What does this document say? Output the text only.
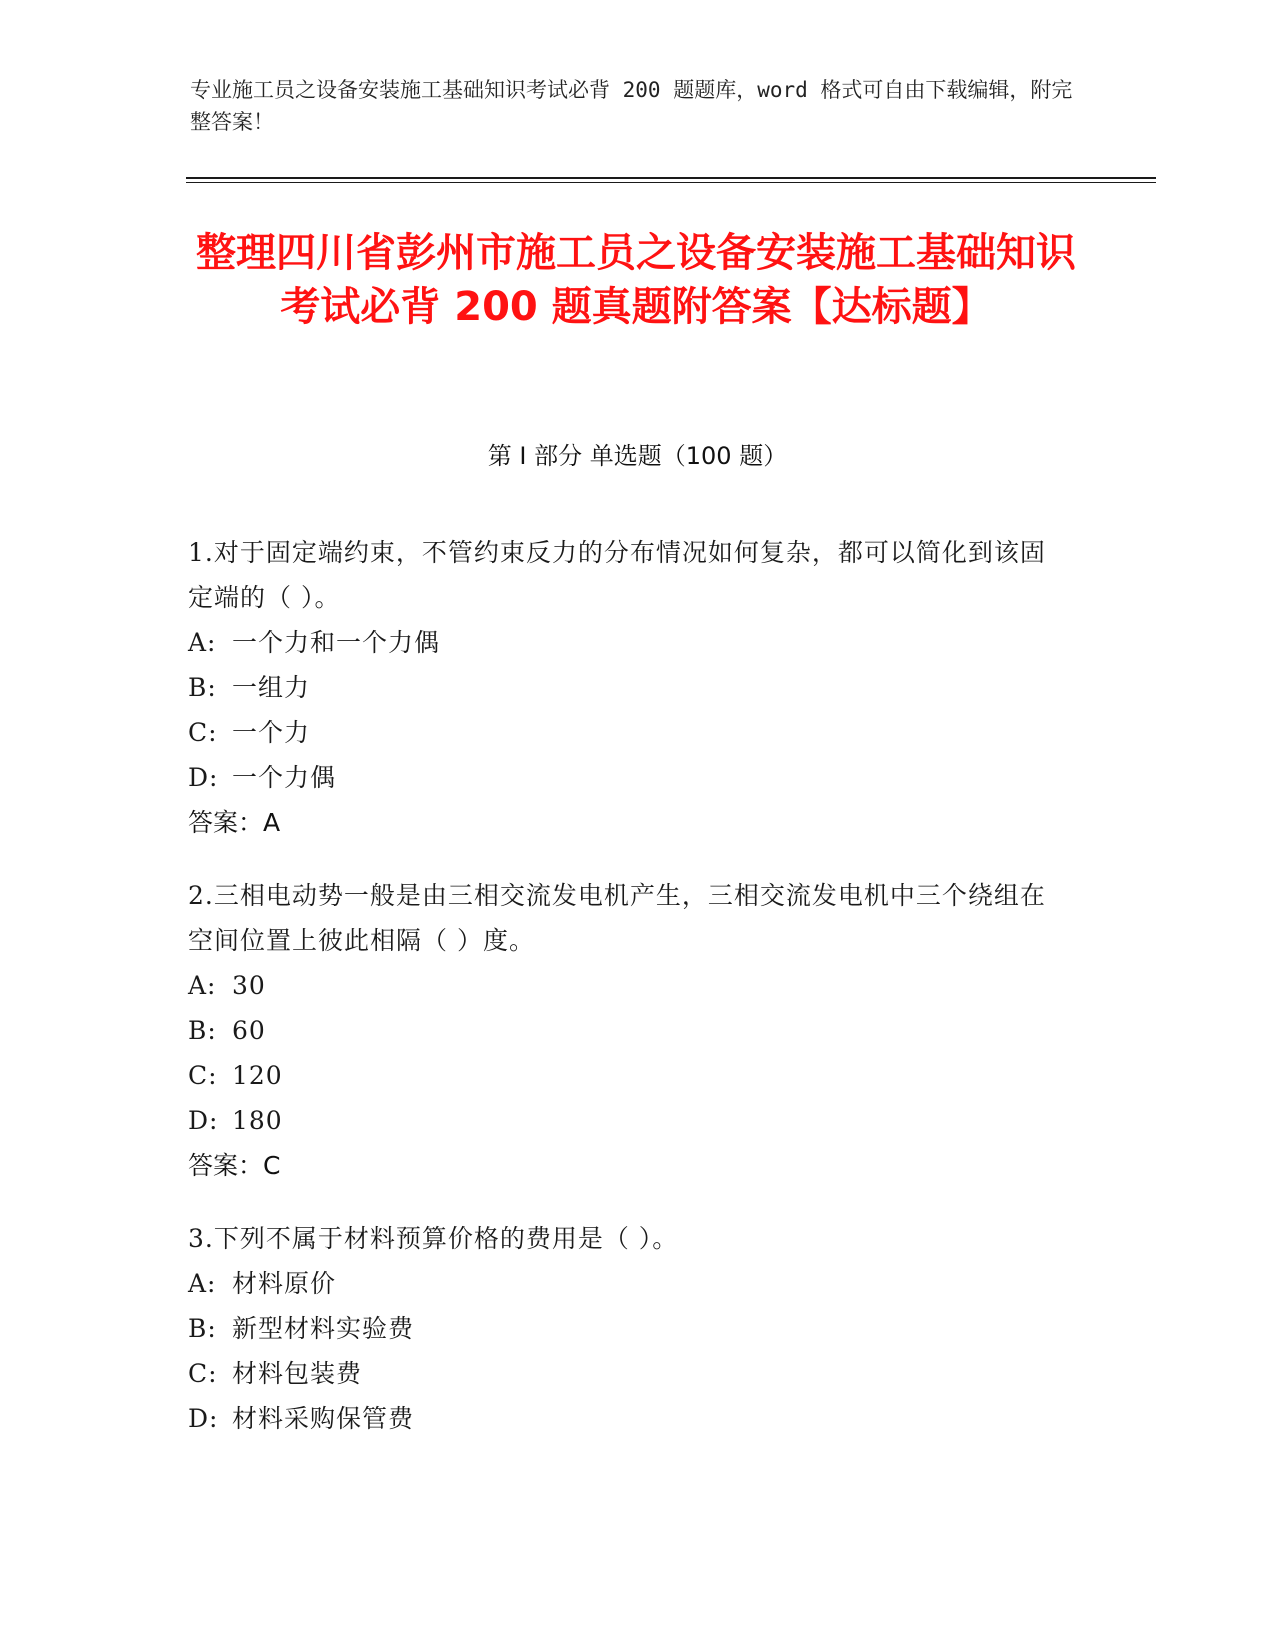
专业施工员之设备安装施工基础知识考试必背 200 题题库，word 格式可自由下载编辑，附完整答案！
整理四川省彭州市施工员之设备安装施工基础知识考试必背 200 题真题附答案【达标题】
第 I 部分 单选题（100 题）
1.对于固定端约束，不管约束反力的分布情况如何复杂，都可以简化到该固定端的（ ）。
A: 一个力和一个力偶
B: 一组力
C: 一个力
D: 一个力偶
答案：A
2.三相电动势一般是由三相交流发电机产生，三相交流发电机中三个绕组在空间位置上彼此相隔（ ）度。
A: 30
B: 60
C: 120
D: 180
答案：C
3.下列不属于材料预算价格的费用是（ ）。
A: 材料原价
B: 新型材料实验费
C: 材料包装费
D: 材料采购保管费
